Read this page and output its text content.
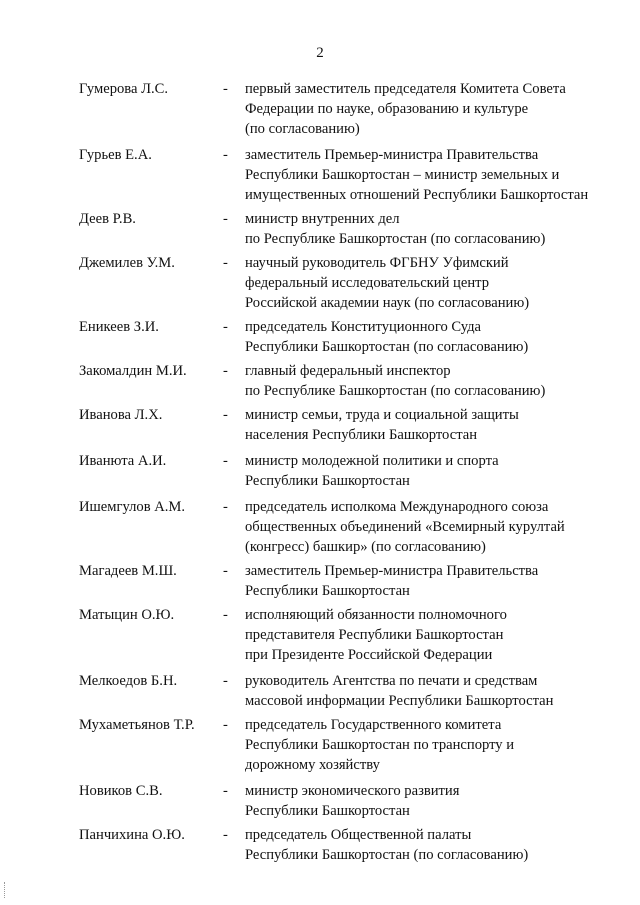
2
Гумерова Л.С.	- первый заместитель председателя Комитета Совета
Федерации по науке, образованию и культуре
(по согласованию)
Гурьев Е.А.	- заместитель Премьер-министра Правительства
Республики Башкортостан – министр земельных и
имущественных отношений Республики Башкортостан
Деев Р.В.	- министр внутренних дел
по Республике Башкортостан (по согласованию)
Джемилев У.М.	- научный руководитель ФГБНУ Уфимский
федеральный исследовательский центр
Российской академии наук (по согласованию)
Еникеев З.И.	- председатель Конституционного Суда
Республики Башкортостан (по согласованию)
Закомалдин М.И. - главный федеральный инспектор
по Республике Башкортостан (по согласованию)
Иванова Л.Х.	- министр семьи, труда и социальной защиты
населения Республики Башкортостан
Иванюта А.И.	- министр молодежной политики и спорта
Республики Башкортостан
Ишемгулов А.М.	- председатель исполкома Международного союза
общественных объединений «Всемирный курултай
(конгресс) башкир» (по согласованию)
Магадеев М.Ш.	- заместитель Премьер-министра Правительства
Республики Башкортостан
Матыцин О.Ю.	- исполняющий обязанности полномочного
представителя Республики Башкортостан
при Президенте Российской Федерации
Мелкоедов Б.Н.	- руководитель Агентства по печати и средствам
массовой информации Республики Башкортостан
Мухаметьянов Т.Р. - председатель Государственного комитета
Республики Башкортостан по транспорту и
дорожному хозяйству
Новиков С.В.	- министр экономического развития
Республики Башкортостан
Панчихина О.Ю.	- председатель Общественной палаты
Республики Башкортостан (по согласованию)
